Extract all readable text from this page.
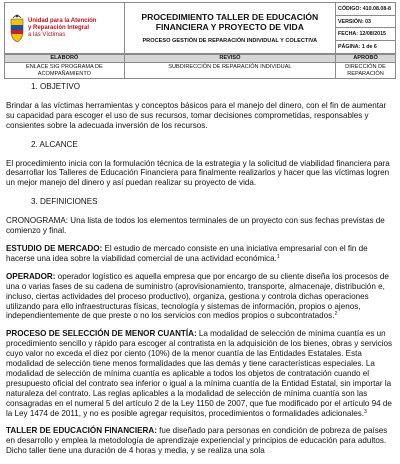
Unidad para la Atención
y Reparación Integral
a las Víctimas

PROCEDIMIENTO TALLER DE EDUCACIÓN FINANCIERA Y PROYECTO DE VIDA
PROCESO GESTIÓN DE REPARACIÓN INDIVIDUAL Y COLECTIVA

CÓDIGO: 410.08.08-8
VERSIÓN: 03
FECHA: 12/08/2015
PÁGINA: 1 de 6
ELABORÓ	REVISÓ	APROBÓ
ENLACE SIG PROGRAMA DE ACOMPAÑAMIENTO	SUBDIRECCIÓN DE REPARACIÓN INDIVIDUAL	DIRECCIÓN DE REPARACIÓN
1. OBJETIVO

Brindar a las víctimas herramientas y conceptos básicos para el manejo del dinero, con el fin de aumentar su capacidad para escoger el uso de sus recursos, tomar decisiones comprometidas, responsables y consientes sobre la adecuada inversión de los recursos.

2. ALCANCE

El procedimiento inicia con la formulación técnica de la estrategia y la solicitud de viabilidad financiera para desarrollar los Talleres de Educación Financiera para finalmente realizarlos y hacer que las víctimas logren un mejor manejo del dinero y así puedan realizar su proyecto de vida.

3. DEFINICIONES

CRONOGRAMA: Una lista de todos los elementos terminales de un proyecto con sus fechas previstas de comienzo y final.

ESTUDIO DE MERCADO: El estudio de mercado consiste en una iniciativa empresarial con el fin de hacerse una idea sobre la viabilidad comercial de una actividad económica.$^1$

OPERADOR: operador logístico es aquella empresa que por encargo de su cliente diseña los procesos de una o varias fases de su cadena de suministro (aprovisionamiento, transporte, almacenaje, distribución e, incluso, ciertas actividades del proceso productivo), organiza, gestiona y controla dichas operaciones utilizando para ello infraestructuras físicas, tecnología y sistemas de información, propios o ajenos, independientemente de que preste o no los servicios con medios propios o subcontratados.$^2$

PROCESO DE SELECCIÓN DE MENOR CUANTÍA: La modalidad de selección de mínima cuantía es un procedimiento sencillo y rápido para escoger al contratista en la adquisición de los bienes, obras y servicios cuyo valor no exceda el diez por ciento (10%) de la menor cuantía de las Entidades Estatales. Esta modalidad de selección tiene menos formalidades que las demás y tiene características especiales. La modalidad de selección de mínima cuantía es aplicable a todos los objetos de contratación cuando el presupuesto oficial del contrato sea inferior o igual a la mínima cuantía de la Entidad Estatal, sin importar la naturaleza del contrato. Las reglas aplicables a la modalidad de selección de mínima cuantía son las consagradas en el numeral 5 del artículo 2 de la Ley 1150 de 2007, que fue modificado por el artículo 94 de la Ley 1474 de 2011, y no es posible agregar requisitos, procedimientos o formalidades adicionales.$^3$

TALLER DE EDUCACIÓN FINANCIERA: fue diseñado para personas en condición de pobreza de países en desarrollo y emplea la metodología de aprendizaje experiencial y principios de educación para adultos. Dicho taller tiene una duración de 4 horas y media, y se realiza una sola
